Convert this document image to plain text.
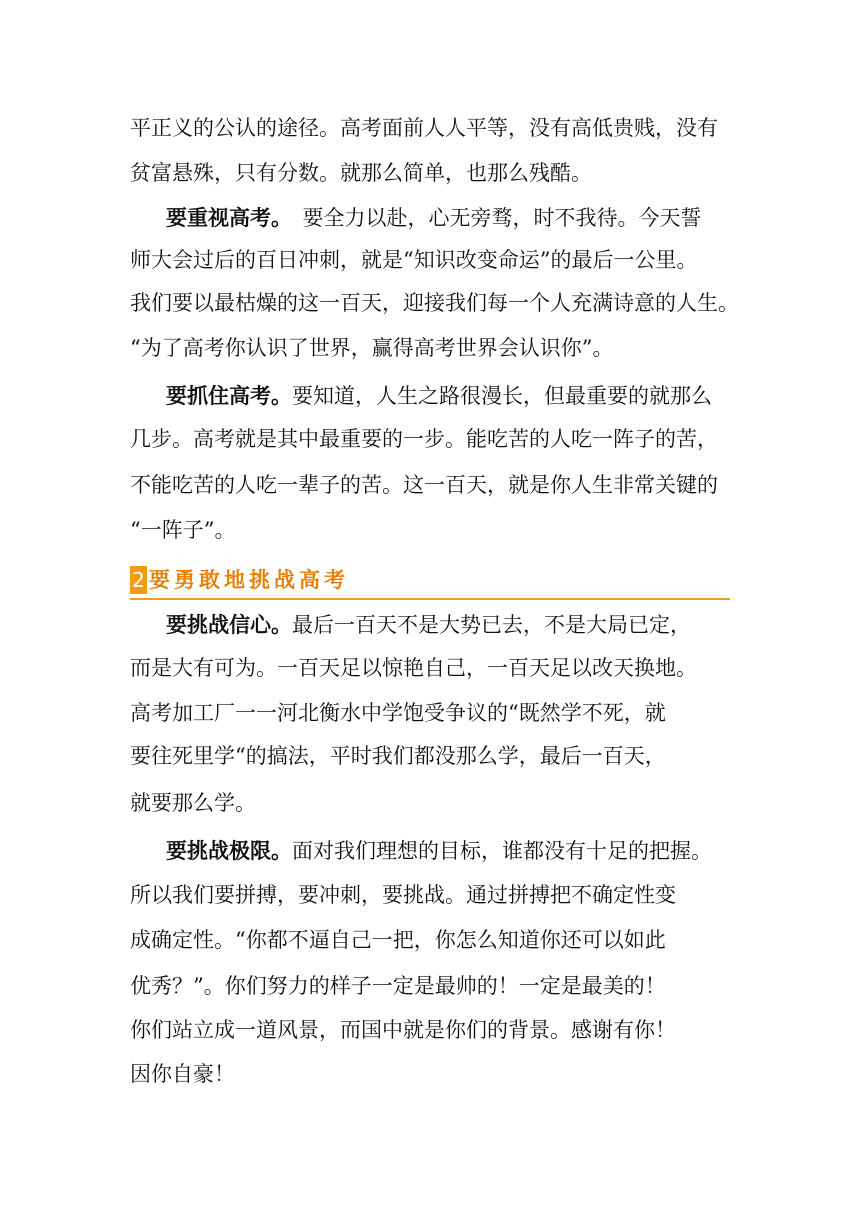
平正义的公认的途径。高考面前人人平等，没有高低贵贱，没有
贫富悬殊，只有分数。就那么简单，也那么残酷。
要重视高考。　要全力以赴，心无旁骛，时不我待。今天誓
师大会过后的百日冲刺，就是“知识改变命运”的最后一公里。
我们要以最枯燥的这一百天，迎接我们每一个人充满诗意的人生。
“为了高考你认识了世界，赢得高考世界会认识你”。
要抓住高考。要知道，人生之路很漫长，但最重要的就那么
几步。高考就是其中最重要的一步。能吃苦的人吃一阵子的苦，
不能吃苦的人吃一辈子的苦。这一百天，就是你人生非常关键的
“一阵子”。
2 要勇敢地挑战高考
要挑战信心。最后一百天不是大势已去，不是大局已定，
而是大有可为。一百天足以惊艳自己，一百天足以改天换地。
高考加工厂一一河北衡水中学饱受争议的“既然学不死，就
要往死里学“的搞法，平时我们都没那么学，最后一百天，
就要那么学。
要挑战极限。面对我们理想的目标，谁都没有十足的把握。
所以我们要拼搏，要冲刺，要挑战。通过拼搏把不确定性变
成确定性。“你都不逼自己一把，你怎么知道你还可以如此
优秀？”。你们努力的样子一定是最帅的！一定是最美的！
你们站立成一道风景，而国中就是你们的背景。感谢有你！
因你自豪！
